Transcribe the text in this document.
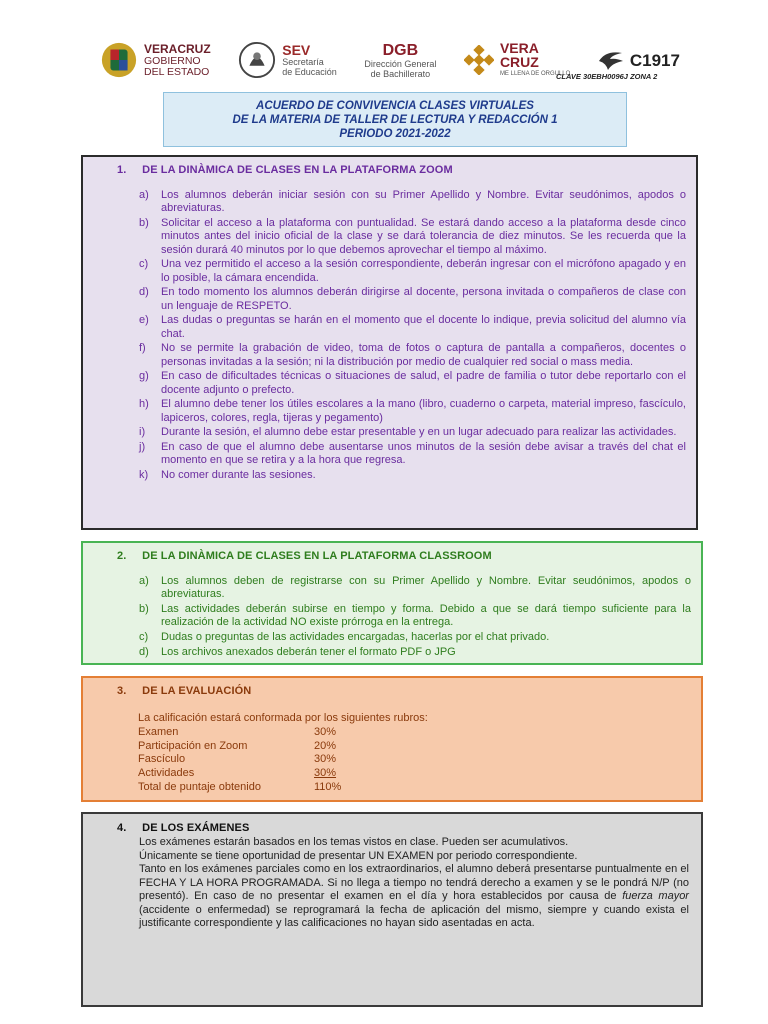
VERACRUZ
GOBIERNO
DEL ESTADO
SEV
Secretaría
de Educación
DGB
Dirección General
de Bachillerato
VERA
CRUZ
ME LLENA DE ORGULLO
C1917
CLAVE 30EBH0096J ZONA 2
ACUERDO DE CONVIVENCIA CLASES VIRTUALES
DE LA MATERIA DE TALLER DE LECTURA Y REDACCIÓN 1
PERIODO 2021-2022
1. DE LA DINÀMICA DE CLASES EN LA PLATAFORMA ZOOM
a) Los alumnos deberán iniciar sesión con su Primer Apellido y Nombre. Evitar seudónimos, apodos o abreviaturas.
b) Solicitar el acceso a la plataforma con puntualidad. Se estará dando acceso a la plataforma desde cinco minutos antes del inicio oficial de la clase y se dará tolerancia de diez minutos. Se les recuerda que la sesión durará 40 minutos por lo que debemos aprovechar el tiempo al máximo.
c) Una vez permitido el acceso a la sesión correspondiente, deberán ingresar con el micrófono apagado y en lo posible, la cámara encendida.
d) En todo momento los alumnos deberán dirigirse al docente, persona invitada o compañeros de clase con un lenguaje de RESPETO.
e) Las dudas o preguntas se harán en el momento que el docente lo indique, previa solicitud del alumno vía chat.
f) No se permite la grabación de video, toma de fotos o captura de pantalla a compañeros, docentes o personas invitadas a la sesión; ni la distribución por medio de cualquier red social o mass media.
g) En caso de dificultades técnicas o situaciones de salud, el padre de familia o tutor debe reportarlo con el docente adjunto o prefecto.
h) El alumno debe tener los útiles escolares a la mano (libro, cuaderno o carpeta, material impreso, fascículo, lapiceros, colores, regla, tijeras y pegamento)
i) Durante la sesión, el alumno debe estar presentable y en un lugar adecuado para realizar las actividades.
j) En caso de que el alumno debe ausentarse unos minutos de la sesión debe avisar a través del chat el momento en que se retira y a la hora que regresa.
k) No comer durante las sesiones.
2. DE LA DINÀMICA DE CLASES EN LA PLATAFORMA CLASSROOM
a) Los alumnos deben de registrarse con su Primer Apellido y Nombre. Evitar seudónimos, apodos o abreviaturas.
b) Las actividades deberán subirse en tiempo y forma. Debido a que se dará tiempo suficiente para la realización de la actividad NO existe prórroga en la entrega.
c) Dudas o preguntas de las actividades encargadas, hacerlas por el chat privado.
d) Los archivos anexados deberán tener el formato PDF o JPG
3. DE LA EVALUACIÓN
La calificación estará conformada por los siguientes rubros:
Examen	30%
Participación en Zoom	20%
Fascículo	30%
Actividades	30%
Total de puntaje obtenido	110%
4. DE LOS EXÁMENES

Los exámenes estarán basados en los temas vistos en clase. Pueden ser acumulativos.

Únicamente se tiene oportunidad de presentar UN EXAMEN por periodo correspondiente.

Tanto en los exámenes parciales como en los extraordinarios, el alumno deberá presentarse puntualmente en el FECHA Y LA HORA PROGRAMADA. Si no llega a tiempo no tendrá derecho a examen y se le pondrá N/P (no presentó). En caso de no presentar el examen en el día y hora establecidos por causa de fuerza mayor (accidente o enfermedad) se reprogramará la fecha de aplicación del mismo, siempre y cuando exista el justificante correspondiente y las calificaciones no hayan sido asentadas en acta.
